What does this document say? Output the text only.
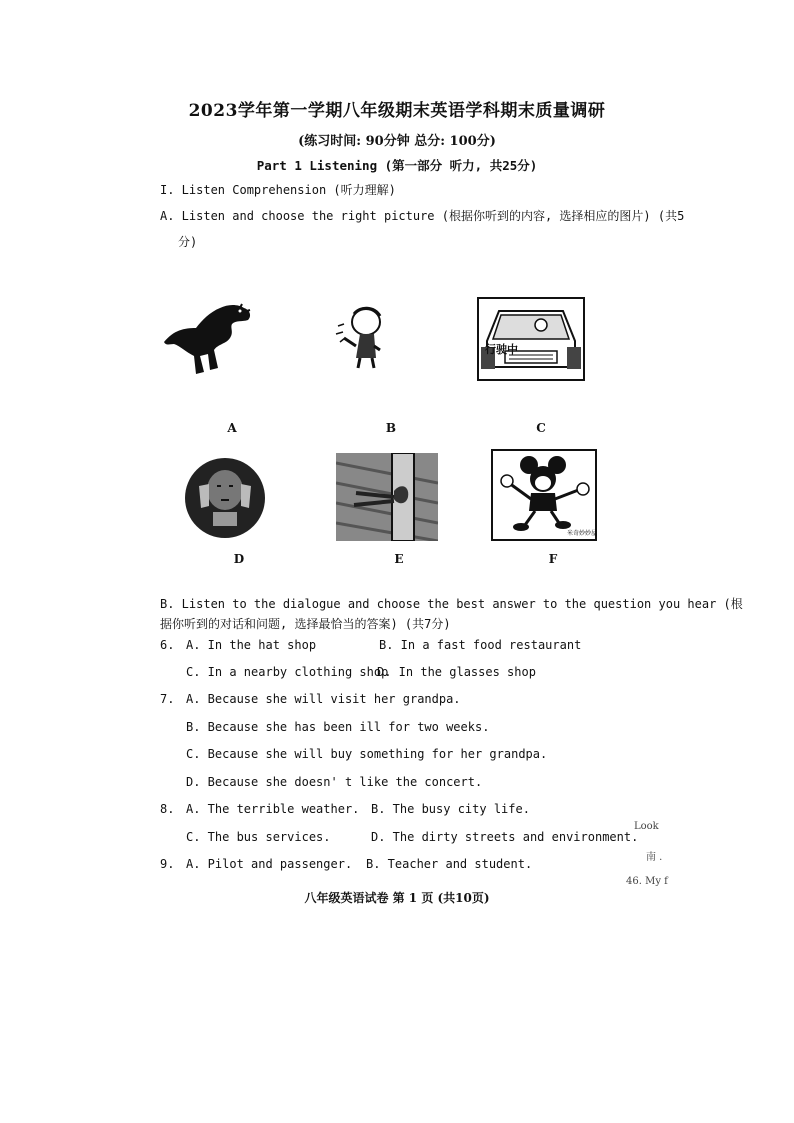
2023学年第一学期八年级期末英语学科期末质量调研
(练习时间: 90分钟 总分: 100分)
Part 1 Listening (第一部分 听力, 共25分)
I. Listen Comprehension (听力理解)
A. Listen and choose the right picture (根据你听到的内容, 选择相应的图片) (共5
分)
A	B
行驶中
C
D	E
米奇妙妙屋
F
B. Listen to the dialogue and choose the best answer to the question you hear (根
据你听到的对话和问题, 选择最恰当的答案) (共7分)
6. A. In the hat shop	B. In a fast food restaurant
C. In a nearby clothing shop
D. In the glasses shop
7. A. Because she will visit her grandpa.
B. Because she has been ill for two weeks.
C. Because she will buy something for her grandpa.
D. Because she doesn' t like the concert.
8. A. The terrible weather. B. The busy city life.
C. The bus services.	D. The dirty streets and environment.
9. A. Pilot and passenger. B. Teacher and student.
Look
南 .
46. My f
八年级英语试卷 第 1 页 (共10页)
